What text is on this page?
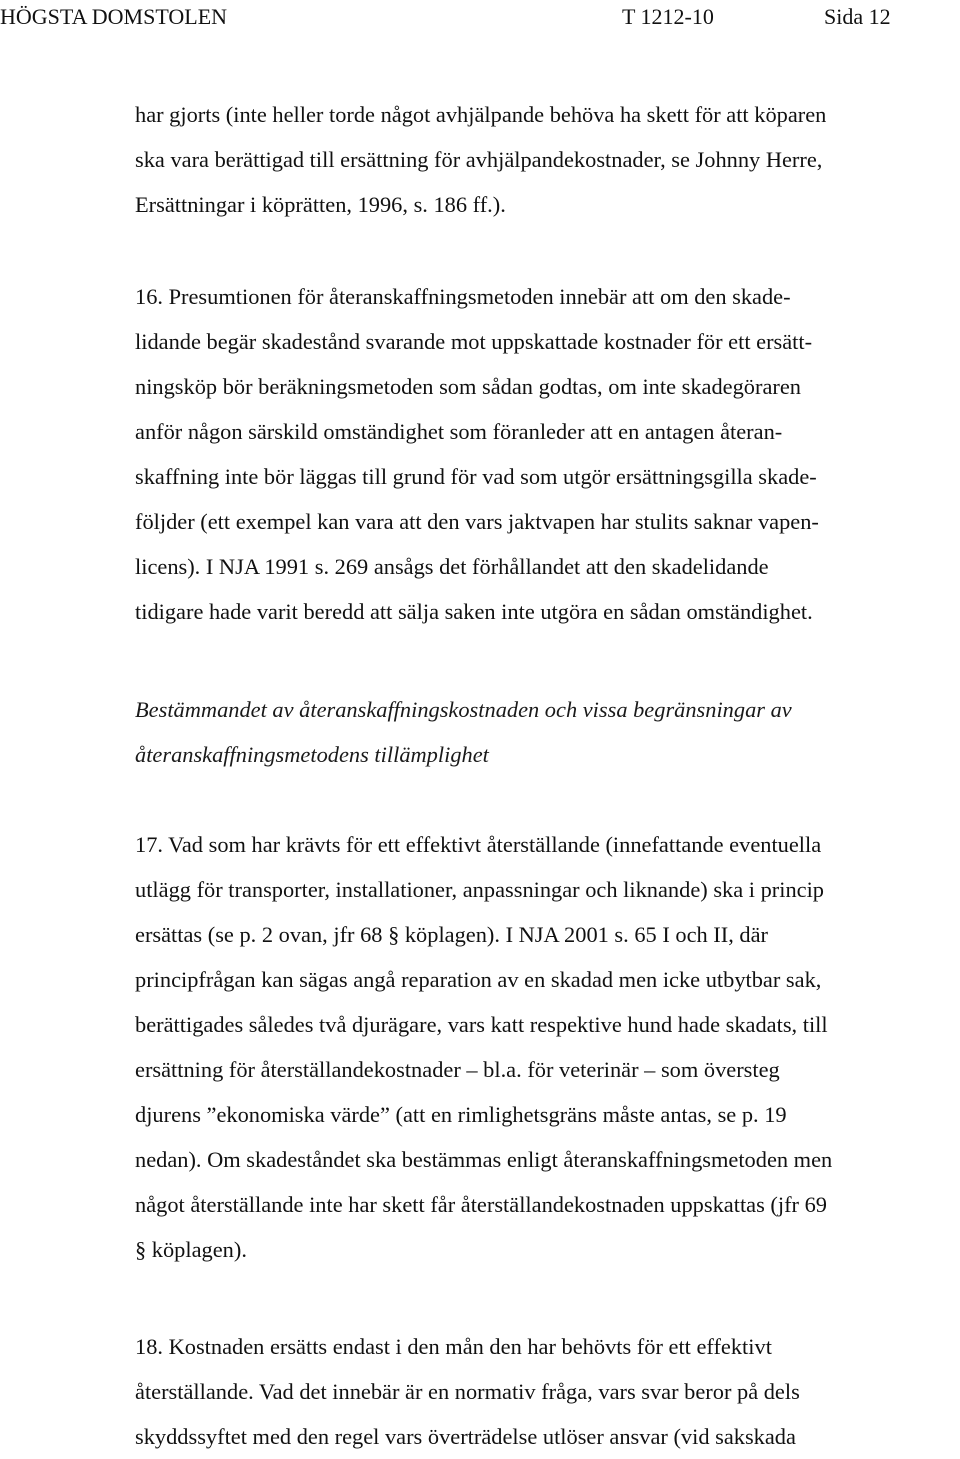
HÖGSTA DOMSTOLEN	T 1212-10	Sida 12
har gjorts (inte heller torde något avhjälpande behöva ha skett för att köparen
ska vara berättigad till ersättning för avhjälpandekostnader, se Johnny Herre,
Ersättningar i köprätten, 1996, s. 186 ff.).
16. Presumtionen för återanskaffningsmetoden innebär att om den skade-
lidande begär skadestånd svarande mot uppskattade kostnader för ett ersätt-
ningsköp bör beräkningsmetoden som sådan godtas, om inte skadegöraren
anför någon särskild omständighet som föranleder att en antagen återan-
skaffning inte bör läggas till grund för vad som utgör ersättningsgilla skade-
följder (ett exempel kan vara att den vars jaktvapen har stulits saknar vapen-
licens). I NJA 1991 s. 269 ansågs det förhållandet att den skadelidande
tidigare hade varit beredd att sälja saken inte utgöra en sådan omständighet.
Bestämmandet av återanskaffningskostnaden och vissa begränsningar av
återanskaffningsmetodens tillämplighet
17. Vad som har krävts för ett effektivt återställande (innefattande eventuella
utlägg för transporter, installationer, anpassningar och liknande) ska i princip
ersättas (se p. 2 ovan, jfr 68 § köplagen). I NJA 2001 s. 65 I och II, där
principfrågan kan sägas angå reparation av en skadad men icke utbytbar sak,
berättigades således två djurägare, vars katt respektive hund hade skadats, till
ersättning för återställandekostnader – bl.a. för veterinär – som översteg
djurens ”ekonomiska värde” (att en rimlighetsgräns måste antas, se p. 19
nedan). Om skadeståndet ska bestämmas enligt återanskaffningsmetoden men
något återställande inte har skett får återställandekostnaden uppskattas (jfr 69
§ köplagen).
18. Kostnaden ersätts endast i den mån den har behövts för ett effektivt
återställande. Vad det innebär är en normativ fråga, vars svar beror på dels
skyddssyftet med den regel vars överträdelse utlöser ansvar (vid sakskada
